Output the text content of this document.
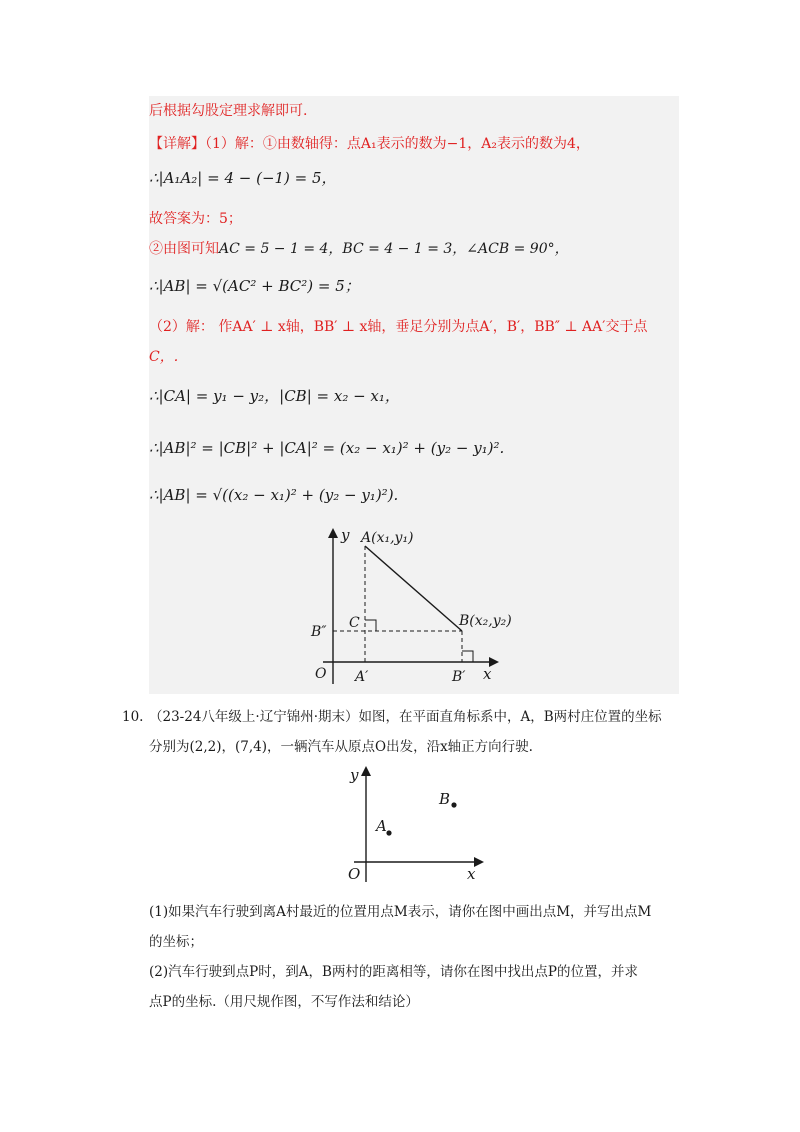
后根据勾股定理求解即可.
【详解】（1）解：①由数轴得：点A₁表示的数为−1，A₂表示的数为4，
∴|A₁A₂| = 4 − (−1) = 5，
故答案为：5；
②由图可知AC = 5 − 1 = 4，BC = 4 − 1 = 3，∠ACB = 90°，
∴|AB| = √(AC² + BC²) = 5；
（2）解： 作AA′ ⊥ x轴，BB′ ⊥ x轴，垂足分别为点A′，B′，BB″ ⊥ AA′交于点
C，.
∴|CA| = y₁ − y₂，|CB| = x₂ − x₁，
∴|AB|² = |CB|² + |CA|² = (x₂ − x₁)² + (y₂ − y₁)².
∴|AB| = √((x₂ − x₁)² + (y₂ − y₁)²).
y A(x₁,y₁)
B(x₂,y₂)
C
B″
O A′	B′ x
10. （23-24八年级上·辽宁锦州·期末）如图，在平面直角标系中，A，B两村庄位置的坐标
分别为(2,2)，(7,4)，一辆汽车从原点O出发，沿x轴正方向行驶.
y
A
B
O	x
(1)如果汽车行驶到离A村最近的位置用点M表示，请你在图中画出点M，并写出点M
的坐标；
(2)汽车行驶到点P时，到A，B两村的距离相等，请你在图中找出点P的位置，并求
点P的坐标.（用尺规作图，不写作法和结论）
